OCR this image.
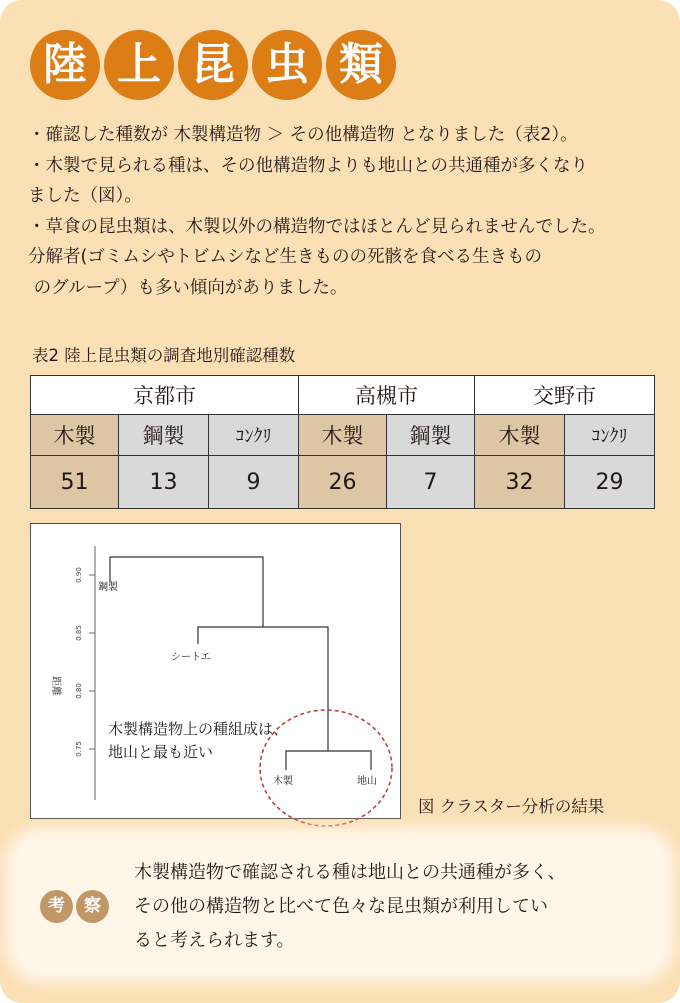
陸 上 昆 虫 類

・確認した種数が 木製構造物 ＞ その他構造物 となりました（表2）。

・木製で見られる種は、その他構造物よりも地山との共通種が多くなり

ました（図）。

・草食の昆虫類は、木製以外の構造物ではほとんど見られませんでした。

分解者(ゴミムシやトビムシなど生きものの死骸を食べる生きもの

のグループ）も多い傾向がありました。

表2 陸上昆虫類の調査地別確認種数
京都市			高槻市		交野市	
木製	鋼製	ｺﾝｸﾘ	木製	鋼製	木製	ｺﾝｸﾘ
51	13	9	26	7	32	29
0.90
0.85
0.80
0.75
距離
鋼製
シートエ
木製	地山
木製構造物上の種組成は、
地山と最も近い
図 クラスター分析の結果
考	察

木製構造物で確認される種は地山との共通種が多く、

その他の構造物と比べて色々な昆虫類が利用してい

ると考えられます。
